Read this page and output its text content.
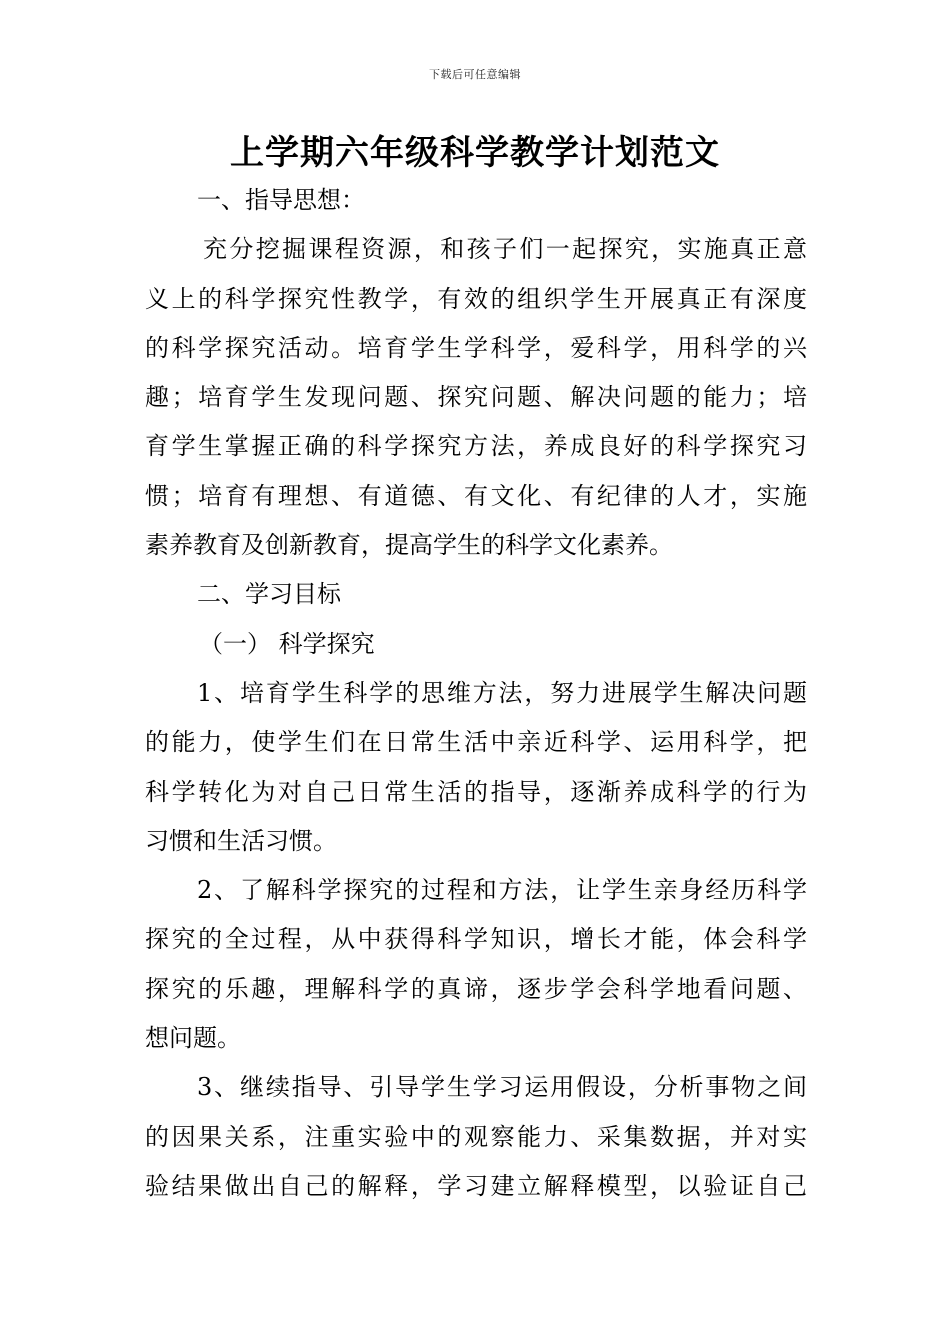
下载后可任意编辑
上学期六年级科学教学计划范文
一、指导思想：
充分挖掘课程资源，和孩子们一起探究，实施真正意
义上的科学探究性教学，有效的组织学生开展真正有深度
的科学探究活动。培育学生学科学，爱科学，用科学的兴
趣；培育学生发现问题、探究问题、解决问题的能力；培
育学生掌握正确的科学探究方法，养成良好的科学探究习
惯；培育有理想、有道德、有文化、有纪律的人才，实施
素养教育及创新教育，提高学生的科学文化素养。
二、学习目标
（一） 科学探究
1、培育学生科学的思维方法，努力进展学生解决问题
的能力，使学生们在日常生活中亲近科学、运用科学，把
科学转化为对自己日常生活的指导，逐渐养成科学的行为
习惯和生活习惯。
2、了解科学探究的过程和方法，让学生亲身经历科学
探究的全过程，从中获得科学知识，增长才能，体会科学
探究的乐趣，理解科学的真谛，逐步学会科学地看问题、
想问题。
3、继续指导、引导学生学习运用假设，分析事物之间
的因果关系，注重实验中的观察能力、采集数据，并对实
验结果做出自己的解释，学习建立解释模型，以验证自己
